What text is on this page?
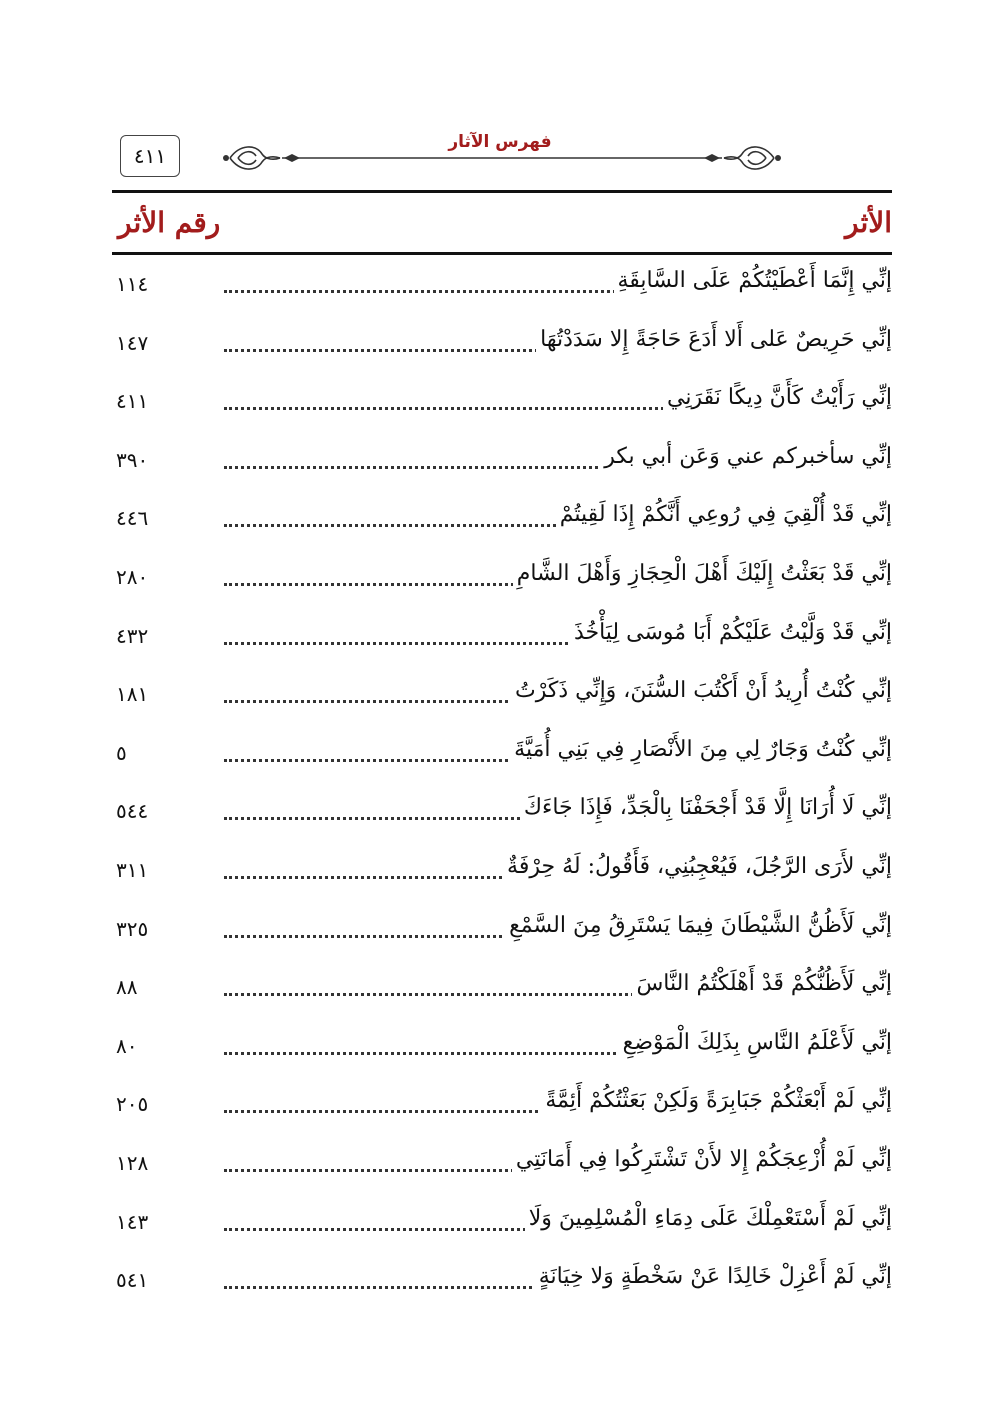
٤١١
فهرس الآثار
الأثر
رقم الأثر
إنِّي إِنَّمَا أَعْطَيْتُكُمْ عَلَى السَّابِقَةِ
١١٤
إنِّي حَرِيصٌ عَلى أَلا أَدَعَ حَاجَةً إِلا سَدَدْتُهَا
١٤٧
إنِّي رَأَيْتُ كَأَنَّ دِيكًا نَقَرَنِي
٤١١
إنِّي سأخبركم عني وَعَن أبي بكر
٣٩٠
إنِّي قَدْ أُلْقِيَ فِي رُوعِي أَنَّكُمْ إِذَا لَقِيتُمْ
٤٤٦
إنِّي قَدْ بَعَثْتُ إِلَيْكَ أَهْلَ الْحِجَازِ وَأَهْلَ الشَّامِ
٢٨٠
إنِّي قَدْ وَلَّيْتُ عَلَيْكُمْ أَبَا مُوسَى لِيَأْخُذَ
٤٣٢
إنِّي كُنْتُ أُرِيدُ أَنْ أَكْتُبَ السُّنَنَ، وَإِنِّي ذَكَرْتُ
١٨١
إنِّي كُنْتُ وَجَارٌ لِي مِنَ الأَنْصَارِ فِي بَنِي أُمَيَّةَ
٥
إنِّي لَا أُرَانَا إِلَّا قَدْ أَجْحَفْنَا بِالْجَدِّ، فَإِذَا جَاءَكَ
٥٤٤
إنِّي لأَرَى الرَّجُلَ، فَيُعْجِبُنِي، فَأَقُولُ: لَهُ حِرْفَةٌ
٣١١
إنِّي لَأَظُنُّ الشَّيْطَانَ فِيمَا يَسْتَرِقُ مِنَ السَّمْعِ
٣٢٥
إنِّي لَأَظُنُّكُمْ قَدْ أَهْلَكْتُمُ النَّاسَ
٨٨
إنِّي لَأَعْلَمُ النَّاسِ بِذَلِكَ الْمَوْضِعِ
٨٠
إنِّي لَمْ أَبْعَثْكُمْ جَبَابِرَةً وَلَكِنْ بَعَثْتُكُمْ أَئِمَّةً
٢٠٥
إنِّي لَمْ أُزْعِجَكُمْ إِلا لأَنْ تَشْتَرِكُوا فِي أَمَانَتِي
١٢٨
إنِّي لَمْ أَسْتَعْمِلْكَ عَلَى دِمَاءِ الْمُسْلِمِينَ وَلَا
١٤٣
إنِّي لَمْ أَعْزِلْ خَالِدًا عَنْ سَخْطَةٍ وَلا خِيَانَةٍ
٥٤١
